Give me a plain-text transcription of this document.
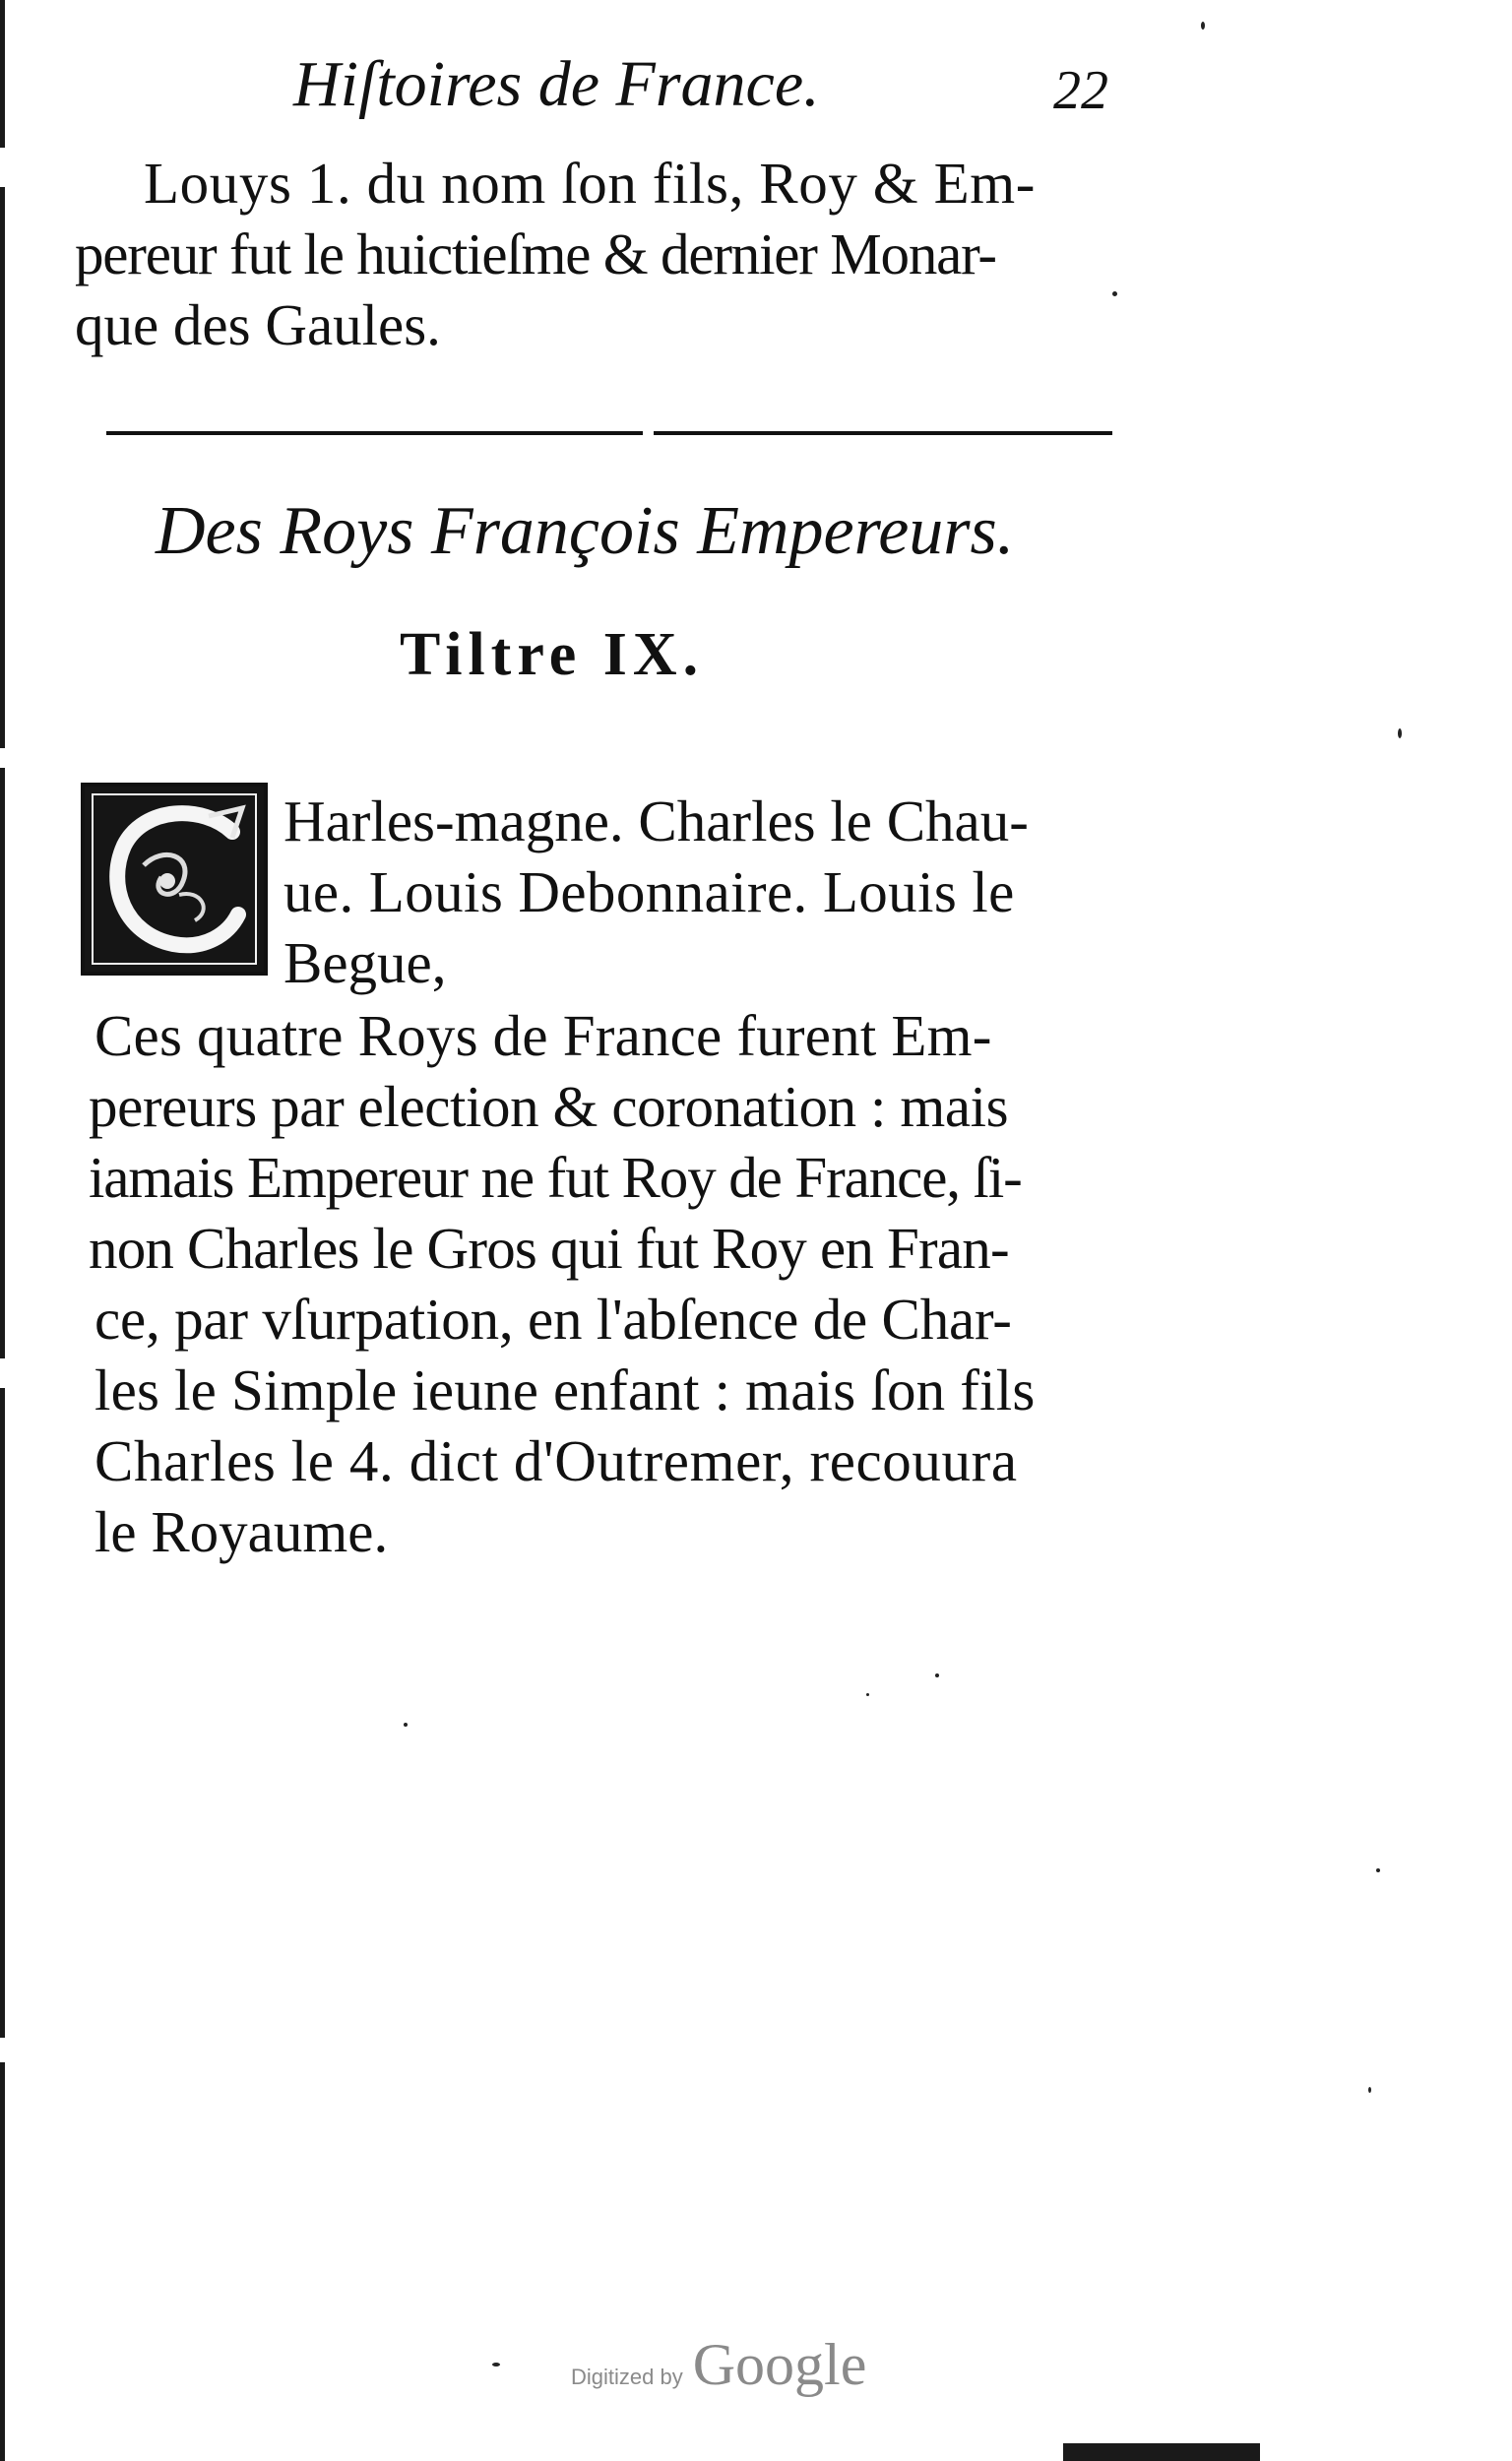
Hiſtoires de France.	22
Louys 1. du nom ſon fils, Roy & Em-
pereur fut le huictieſme & dernier Monar-
que des Gaules.
Des Roys François Empereurs.
Tiltre IX.
Harles-magne. Charles le Chau-
ue. Louis Debonnaire. Louis le
Begue,
Ces quatre Roys de France furent Em-
pereurs par election & coronation : mais
iamais Empereur ne fut Roy de France, ſi-
non Charles le Gros qui fut Roy en Fran-
ce, par vſurpation, en l'abſence de Char-
les le Simple ieune enfant : mais ſon fils
Charles le 4. dict d'Outremer, recouura
le Royaume.
Digitized by Google
